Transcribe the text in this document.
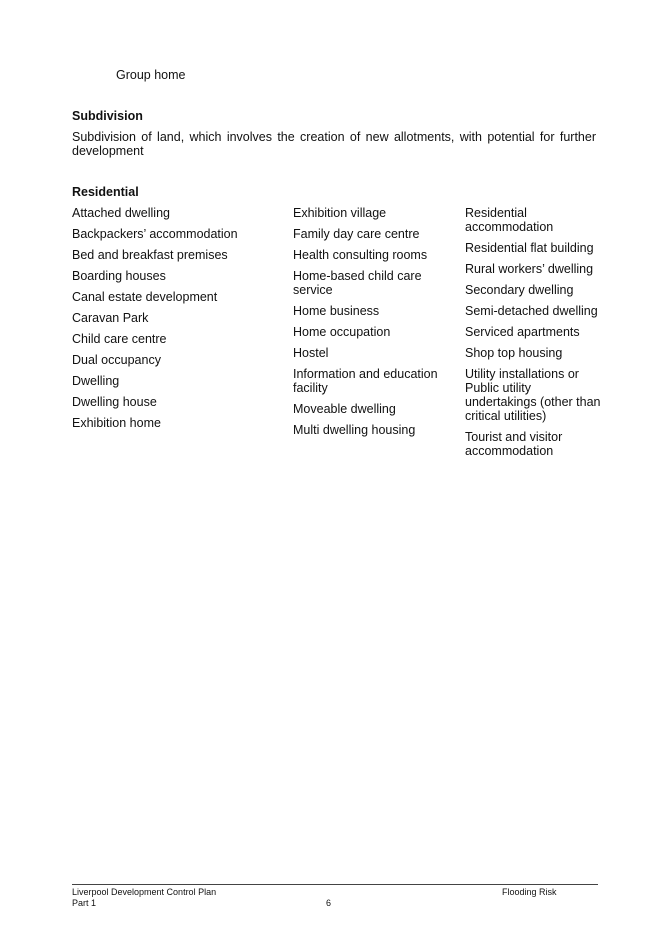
Group home
Subdivision
Subdivision of land, which involves the creation of new allotments, with potential for further development
Residential
Attached dwelling
Backpackers’ accommodation
Bed and breakfast premises
Boarding houses
Canal estate development
Caravan Park
Child care centre
Dual occupancy
Dwelling
Dwelling house
Exhibition home
Exhibition village
Family day care centre
Health consulting rooms
Home-based child care service
Home business
Home occupation
Hostel
Information and education facility
Moveable dwelling
Multi dwelling housing
Residential accommodation
Residential flat building
Rural workers’ dwelling
Secondary dwelling
Semi-detached dwelling
Serviced apartments
Shop top housing
Utility installations or Public utility undertakings (other than critical utilities)
Tourist and visitor accommodation
Liverpool Development Control Plan
Part 1	6
Flooding Risk
